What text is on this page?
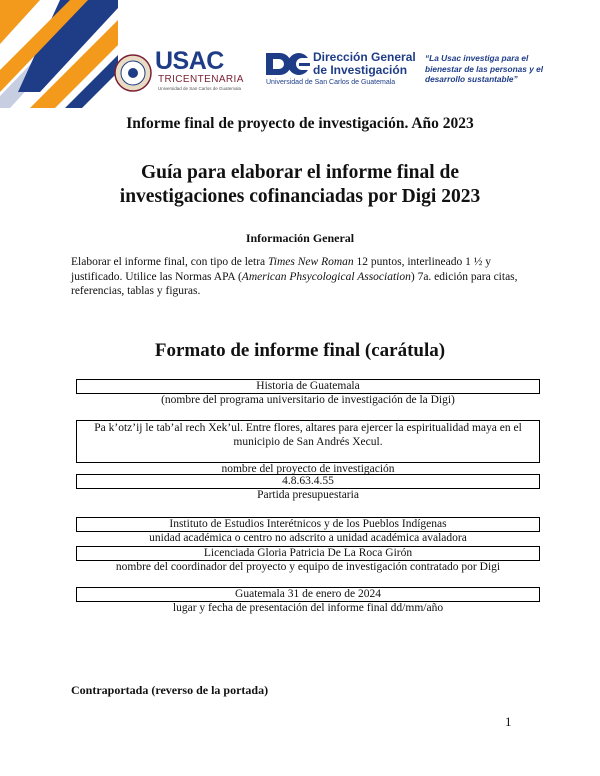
USAC
TRICENTENARIA
Universidad de San Carlos de Guatemala
Dirección General
de Investigación
Universidad de San Carlos de Guatemala
“La Usac investiga para el bienestar de las personas y el desarrollo sustantable”
Informe final de proyecto de investigación. Año 2023
Guía para elaborar el informe final de
investigaciones cofinanciadas por Digi 2023
Información General
Elaborar el informe final, con tipo de letra Times New Roman 12 puntos, interlineado 1 ½ y justificado. Utilice las Normas APA (American Phsycological Association) 7a. edición para citas, referencias, tablas y figuras.
Formato de informe final (carátula)
Historia de Guatemala
(nombre del programa universitario de investigación de la Digi)
Pa k’otz’ij le tab’al rech Xek’ul. Entre flores, altares para ejercer la espiritualidad maya en el municipio de San Andrés Xecul.
nombre del proyecto de investigación
4.8.63.4.55
Partida presupuestaria
Instituto de Estudios Interétnicos y de los Pueblos Indígenas
unidad académica o centro no adscrito a unidad académica avaladora
Licenciada Gloria Patricia De La Roca Girón
nombre del coordinador del proyecto y equipo de investigación contratado por Digi
Guatemala 31 de enero de 2024
lugar y fecha de presentación del informe final dd/mm/año
Contraportada (reverso de la portada)
1
